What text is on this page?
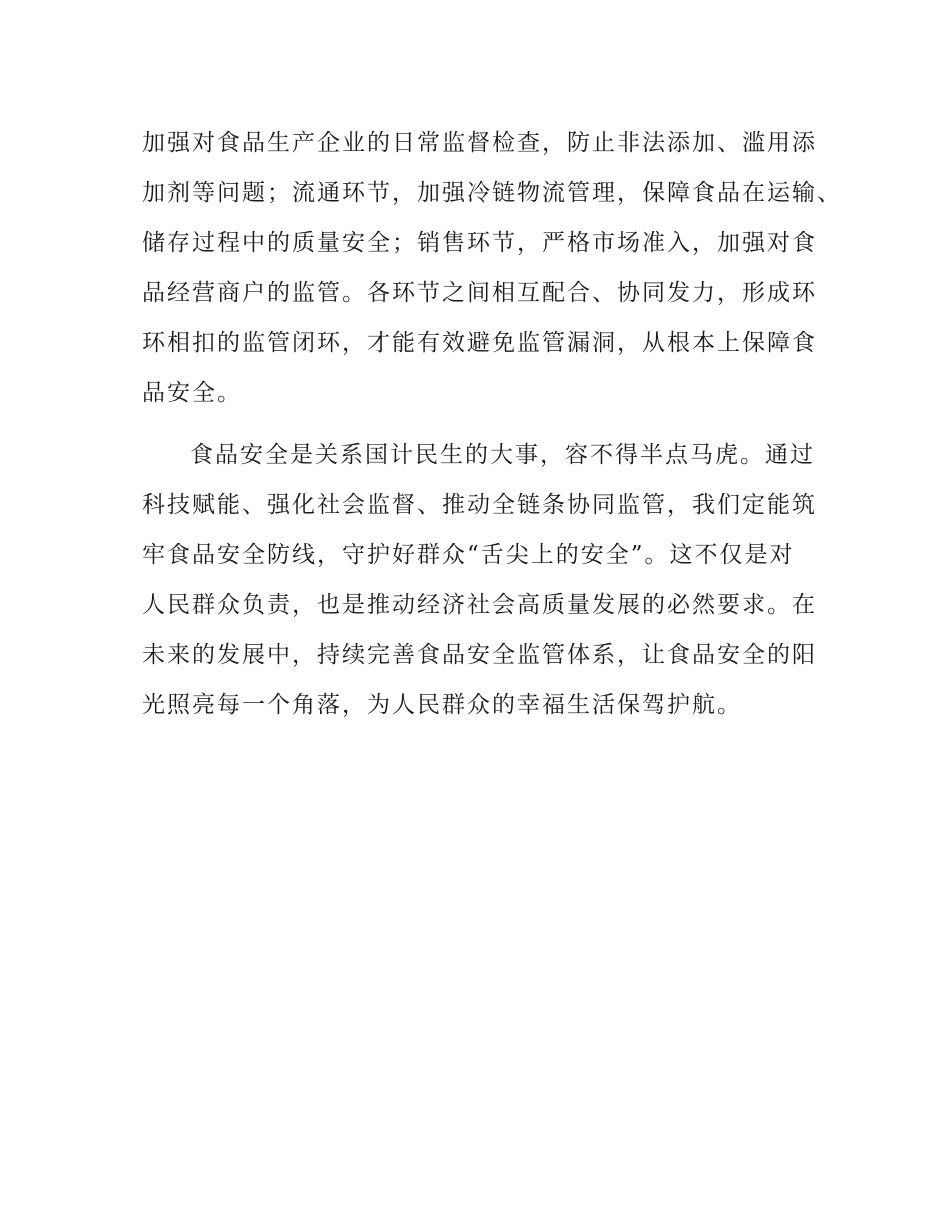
加强对食品生产企业的日常监督检查，防止非法添加、滥用添
加剂等问题；流通环节，加强冷链物流管理，保障食品在运输、
储存过程中的质量安全；销售环节，严格市场准入，加强对食
品经营商户的监管。各环节之间相互配合、协同发力，形成环
环相扣的监管闭环，才能有效避免监管漏洞，从根本上保障食
品安全。
食品安全是关系国计民生的大事，容不得半点马虎。通过
科技赋能、强化社会监督、推动全链条协同监管，我们定能筑
牢食品安全防线，守护好群众“舌尖上的安全”。这不仅是对
人民群众负责，也是推动经济社会高质量发展的必然要求。在
未来的发展中，持续完善食品安全监管体系，让食品安全的阳
光照亮每一个角落，为人民群众的幸福生活保驾护航。
